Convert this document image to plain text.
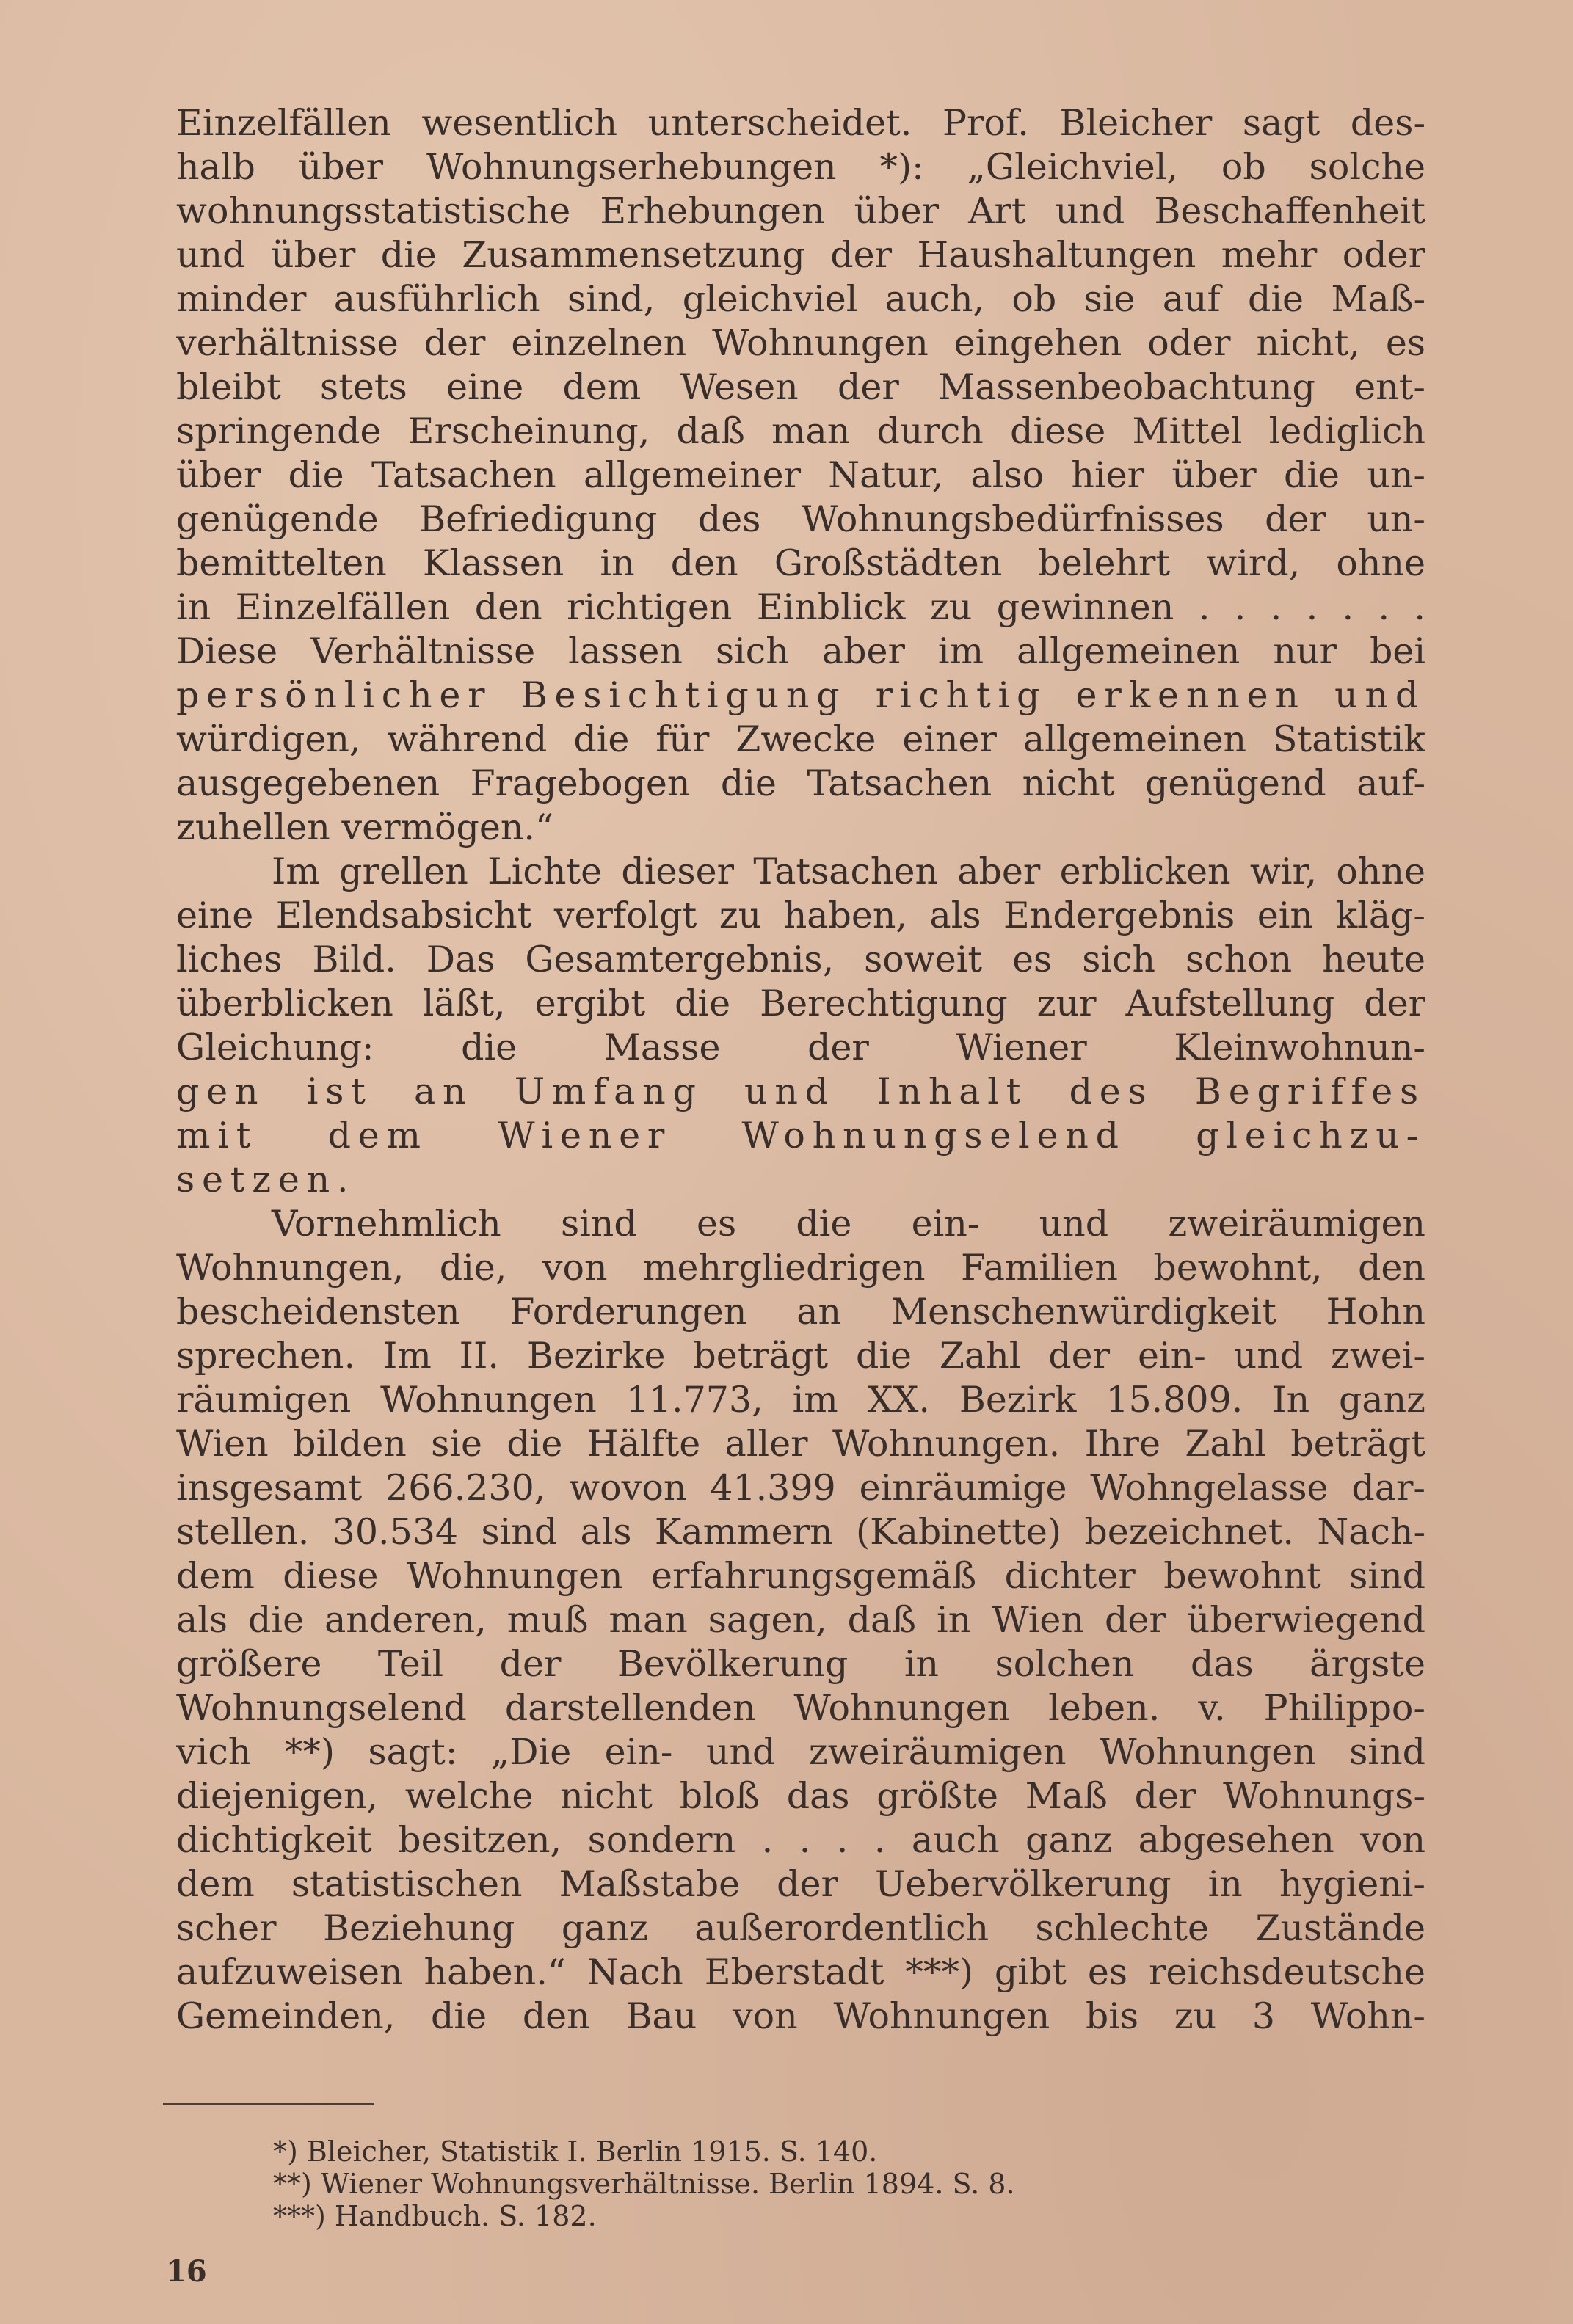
Einzelfällen wesentlich unterscheidet. Prof. Bleicher sagt des-
halb über Wohnungserhebungen *): „Gleichviel, ob solche
wohnungsstatistische Erhebungen über Art und Beschaffenheit
und über die Zusammensetzung der Haushaltungen mehr oder
minder ausführlich sind, gleichviel auch, ob sie auf die Maß-
verhältnisse der einzelnen Wohnungen eingehen oder nicht, es
bleibt stets eine dem Wesen der Massenbeobachtung ent-
springende Erscheinung, daß man durch diese Mittel lediglich
über die Tatsachen allgemeiner Natur, also hier über die un-
genügende Befriedigung des Wohnungsbedürfnisses der un-
bemittelten Klassen in den Großstädten belehrt wird, ohne
in Einzelfällen den richtigen Einblick zu gewinnen . . . . . . .
Diese Verhältnisse lassen sich aber im allgemeinen nur bei
persönlicher Besichtigung richtig erkennen und
würdigen, während die für Zwecke einer allgemeinen Statistik
ausgegebenen Fragebogen die Tatsachen nicht genügend auf-
zuhellen vermögen.“
Im grellen Lichte dieser Tatsachen aber erblicken wir, ohne
eine Elendsabsicht verfolgt zu haben, als Endergebnis ein kläg-
liches Bild. Das Gesamtergebnis, soweit es sich schon heute
überblicken läßt, ergibt die Berechtigung zur Aufstellung der
Gleichung: die Masse der Wiener Kleinwohnun-
gen ist an Umfang und Inhalt des Begriffes
mit dem Wiener Wohnungselend gleichzu-
setzen.
Vornehmlich sind es die ein- und zweiräumigen
Wohnungen, die, von mehrgliedrigen Familien bewohnt, den
bescheidensten Forderungen an Menschenwürdigkeit Hohn
sprechen. Im II. Bezirke beträgt die Zahl der ein- und zwei-
räumigen Wohnungen 11.773, im XX. Bezirk 15.809. In ganz
Wien bilden sie die Hälfte aller Wohnungen. Ihre Zahl beträgt
insgesamt 266.230, wovon 41.399 einräumige Wohngelasse dar-
stellen. 30.534 sind als Kammern (Kabinette) bezeichnet. Nach-
dem diese Wohnungen erfahrungsgemäß dichter bewohnt sind
als die anderen, muß man sagen, daß in Wien der überwiegend
größere Teil der Bevölkerung in solchen das ärgste
Wohnungselend darstellenden Wohnungen leben. v. Philippo-
vich **) sagt: „Die ein- und zweiräumigen Wohnungen sind
diejenigen, welche nicht bloß das größte Maß der Wohnungs-
dichtigkeit besitzen, sondern . . . . auch ganz abgesehen von
dem statistischen Maßstabe der Uebervölkerung in hygieni-
scher Beziehung ganz außerordentlich schlechte Zustände
aufzuweisen haben.“ Nach Eberstadt ***) gibt es reichsdeutsche
Gemeinden, die den Bau von Wohnungen bis zu 3 Wohn-
*) Bleicher, Statistik I. Berlin 1915. S. 140.
**) Wiener Wohnungsverhältnisse. Berlin 1894. S. 8.
***) Handbuch. S. 182.
16
